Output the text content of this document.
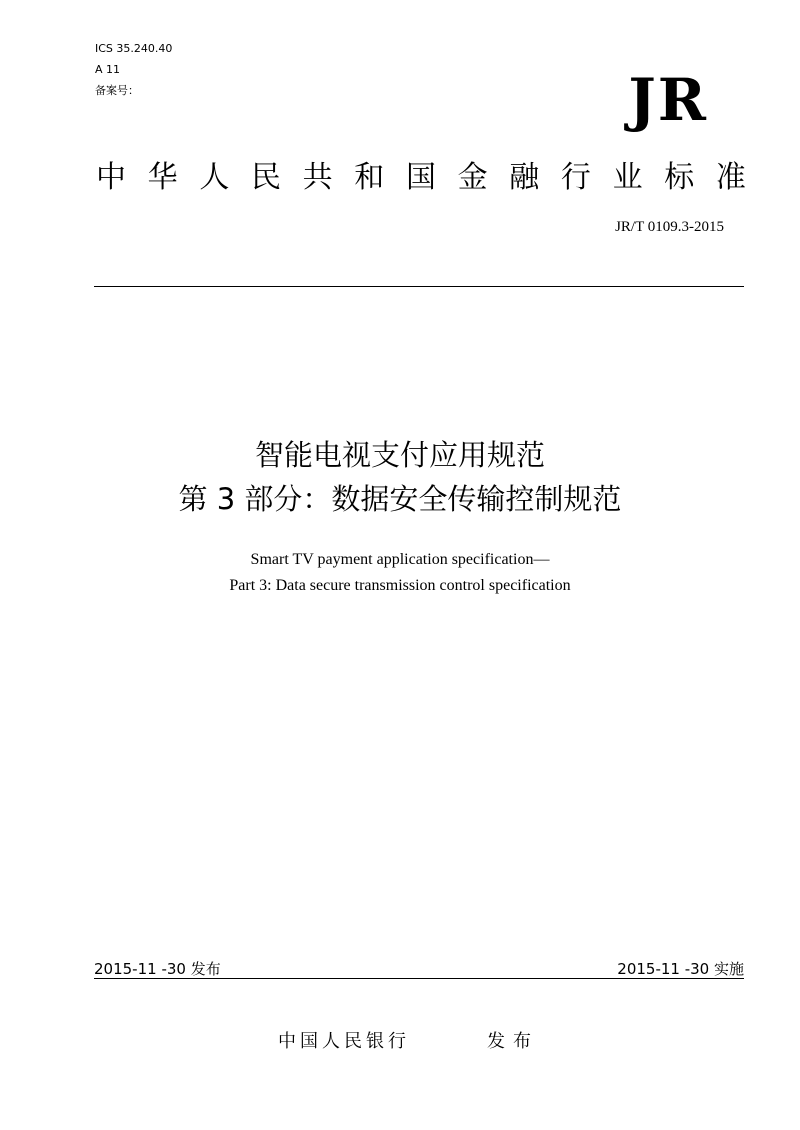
ICS 35.240.40
A 11
备案号：	JR
中 华 人 民 共 和 国 金 融 行 业 标 准
JR/T 0109.3-2015
智能电视支付应用规范
第 3 部分：数据安全传输控制规范
Smart TV payment application specification—
Part 3: Data secure transmission control specification
2015-11 -30 发布	2015-11 -30 实施
中国人民银行	发布
